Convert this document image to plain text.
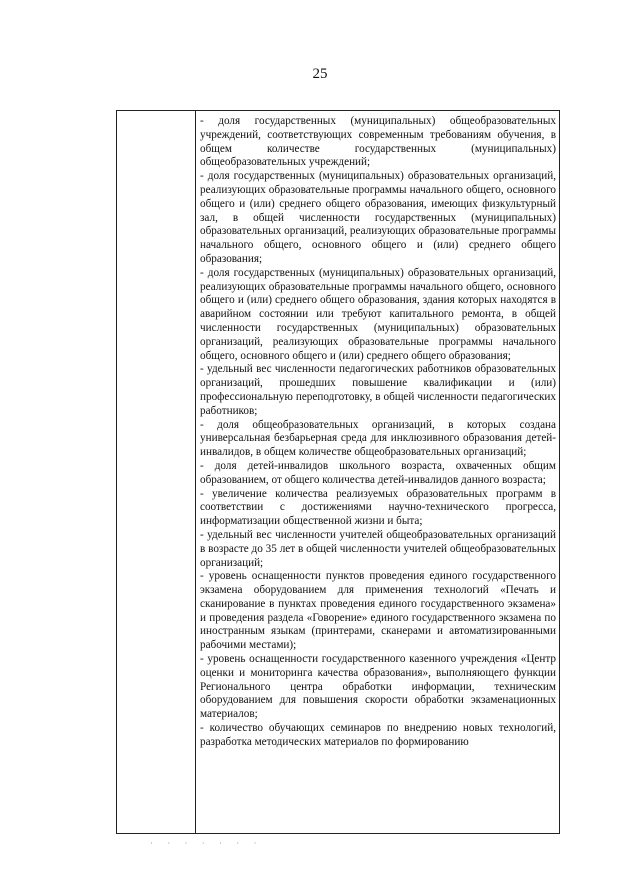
25

- доля государственных (муниципальных) общеобразовательных учреждений, соответствующих современным требованиям обучения, в общем количестве государственных (муниципальных) общеобразовательных учреждений;

- доля государственных (муниципальных) образовательных организаций, реализующих образовательные программы начального общего, основного общего и (или) среднего общего образования, имеющих физкультурный зал, в общей численности государственных (муниципальных) образовательных организаций, реализующих образовательные программы начального общего, основного общего и (или) среднего общего образования;

- доля государственных (муниципальных) образовательных организаций, реализующих образовательные программы начального общего, основного общего и (или) среднего общего образования, здания которых находятся в аварийном состоянии или требуют капитального ремонта, в общей численности государственных (муниципальных) образовательных организаций, реализующих образовательные программы начального общего, основного общего и (или) среднего общего образования;

- удельный вес численности педагогических работников образовательных организаций, прошедших повышение квалификации и (или) профессиональную переподготовку, в общей численности педагогических работников;

- доля общеобразовательных организаций, в которых создана универсальная безбарьерная среда для инклюзивного образования детей-инвалидов, в общем количестве общеобразовательных организаций;

- доля детей-инвалидов школьного возраста, охваченных общим образованием, от общего количества детей-инвалидов данного возраста;

- увеличение количества реализуемых образовательных программ в соответствии с достижениями научно-технического прогресса, информатизации общественной жизни и быта;

- удельный вес численности учителей общеобразовательных организаций в возрасте до 35 лет в общей численности учителей общеобразовательных организаций;

- уровень оснащенности пунктов проведения единого государственного экзамена оборудованием для применения технологий «Печать и сканирование в пунктах проведения единого государственного экзамена» и проведения раздела «Говорение» единого государственного экзамена по иностранным языкам (принтерами, сканерами и автоматизированными рабочими местами);

- уровень оснащенности государственного казенного учреждения «Центр оценки и мониторинга качества образования», выполняющего функции Регионального центра обработки информации, техническим оборудованием для повышения скорости обработки экзаменационных материалов;

- количество обучающих семинаров по внедрению новых технологий, разработка методических материалов по формированию

· · · · · · ·
